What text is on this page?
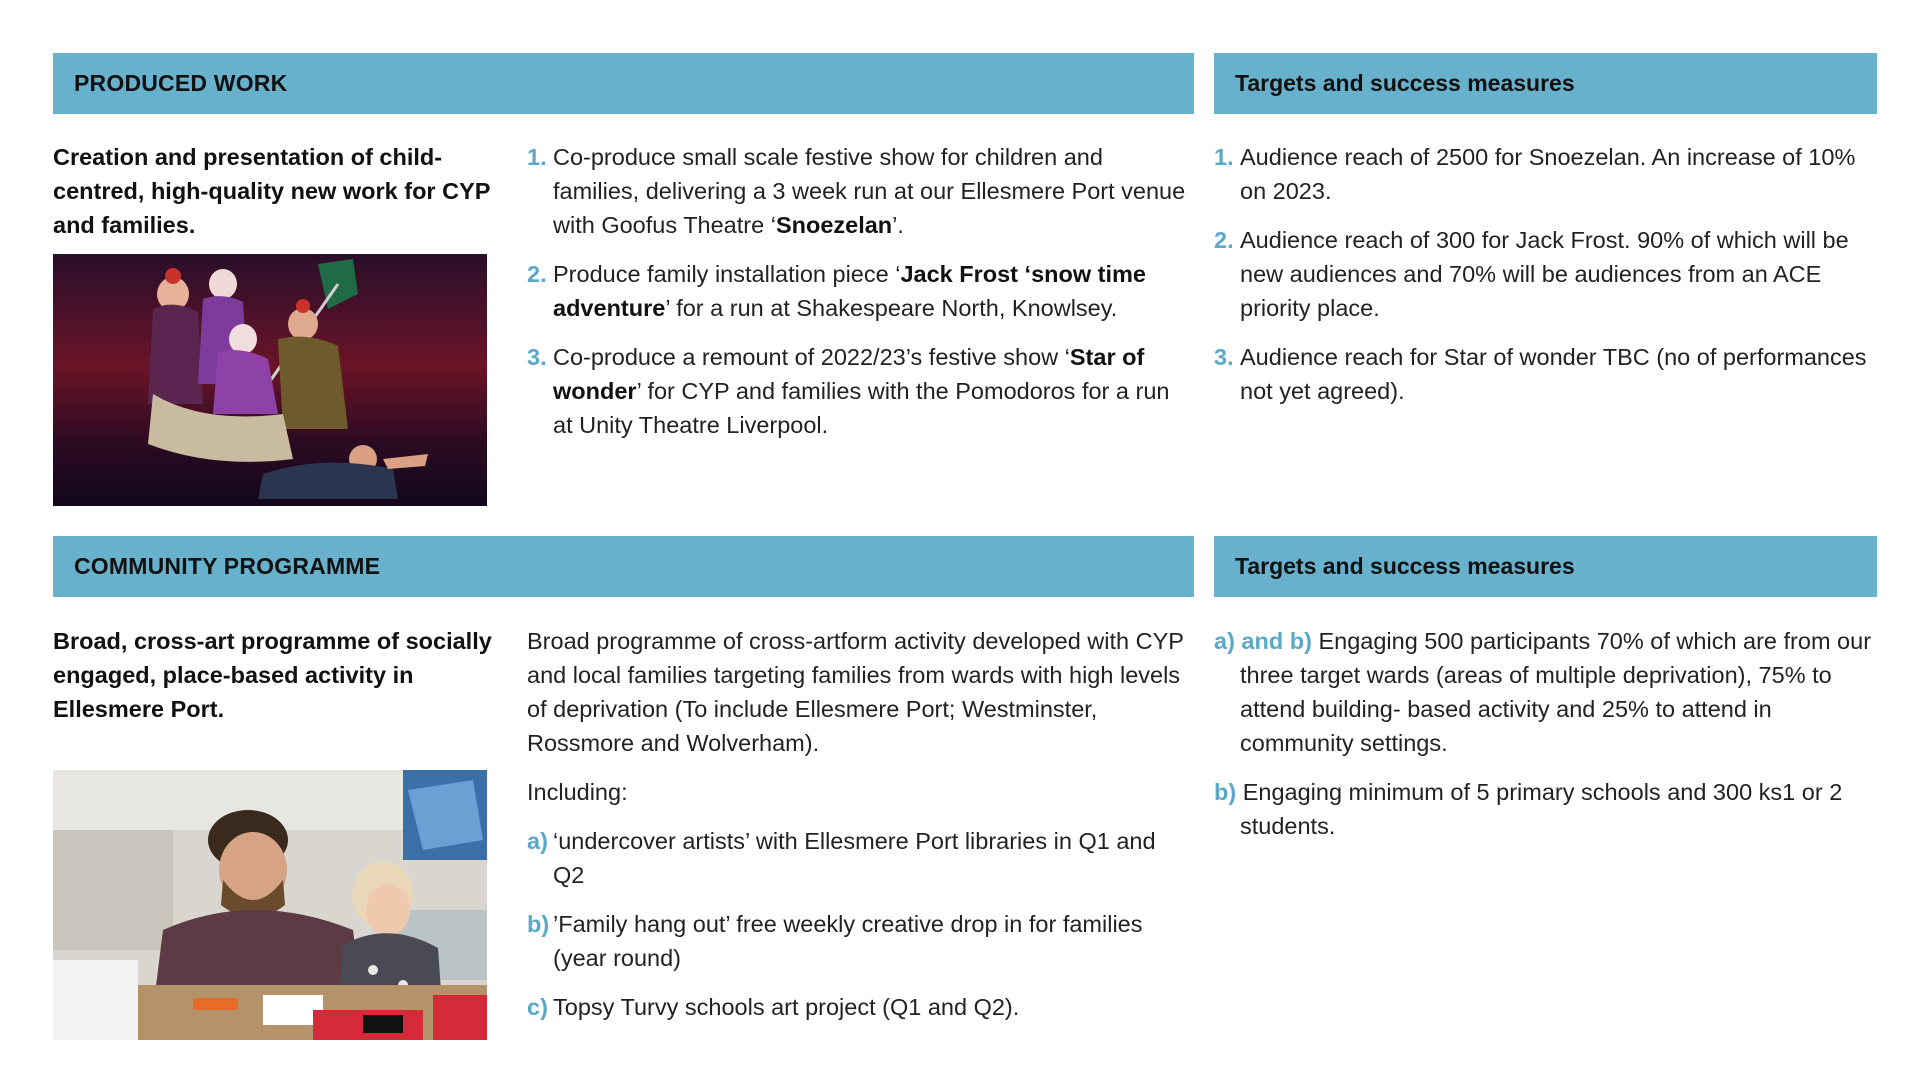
PRODUCED WORK	Targets and success measures
Creation and presentation of child-centred, high-quality new work for CYP and families.
1. Co-produce small scale festive show for children and families, delivering a 3 week run at our Ellesmere Port venue with Goofus Theatre ‘Snoezelan’.
2. Produce family installation piece ‘Jack Frost ‘snow time adventure’ for a run at Shakespeare North, Knowlsey.
3. Co-produce a remount of 2022/23’s festive show ‘Star of wonder’ for CYP and families with the Pomodoros for a run at Unity Theatre Liverpool.
1. Audience reach of 2500 for Snoezelan. An increase of 10% on 2023.
2. Audience reach of 300 for Jack Frost. 90% of which will be new audiences and 70% will be audiences from an ACE priority place.
3. Audience reach for Star of wonder TBC (no of performances not yet agreed).
COMMUNITY PROGRAMME	Targets and success measures
Broad, cross-art programme of socially engaged, place-based activity in Ellesmere Port.

Broad programme of cross-artform activity developed with CYP and local families targeting families from wards with high levels of deprivation (To include Ellesmere Port; Westminster, Rossmore and Wolverham).

Including:

a) ‘undercover artists’ with Ellesmere Port libraries in Q1 and Q2
b) ’Family hang out’ free weekly creative drop in for families (year round)
c) Topsy Turvy schools art project (Q1 and Q2).
a) and b) Engaging 500 participants 70% of which are from our three target wards (areas of multiple deprivation), 75% to attend building- based activity and 25% to attend in community settings.
b) Engaging minimum of 5 primary schools and 300 ks1 or 2 students.
